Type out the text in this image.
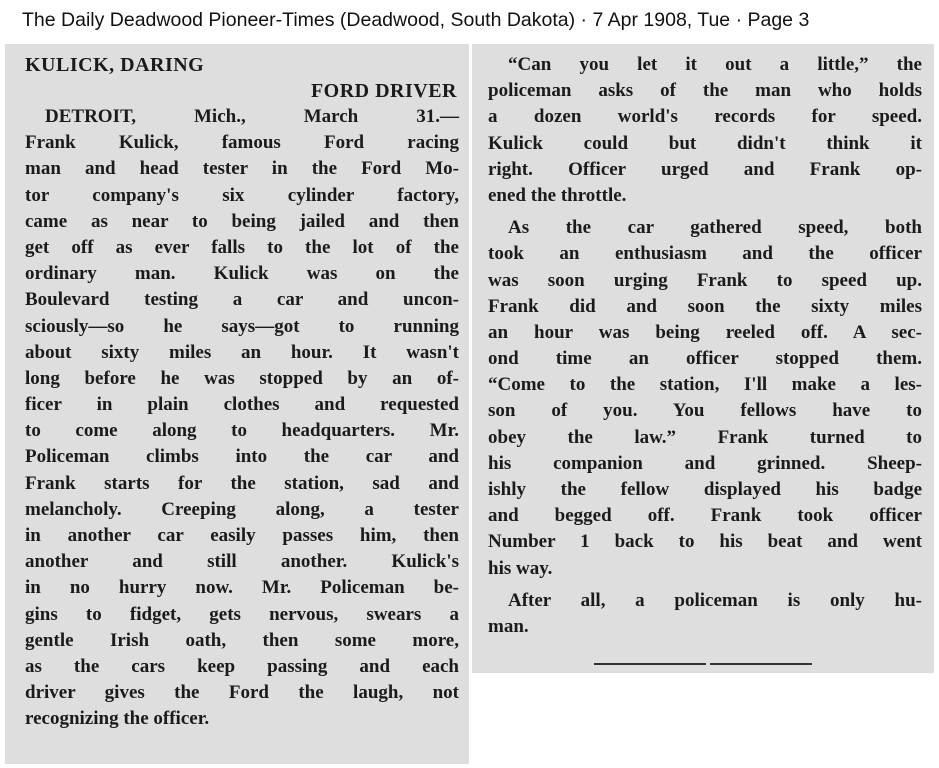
The Daily Deadwood Pioneer-Times (Deadwood, South Dakota) · 7 Apr 1908, Tue · Page 3
KULICK, DARING
FORD DRIVER
DETROIT, Mich., March 31.—
Frank Kulick, famous Ford racing
man and head tester in the Ford Mo-
tor company's six cylinder factory,
came as near to being jailed and then
get off as ever falls to the lot of the
ordinary man. Kulick was on the
Boulevard testing a car and uncon-
sciously—so he says—got to running
about sixty miles an hour. It wasn't
long before he was stopped by an of-
ficer in plain clothes and requested
to come along to headquarters. Mr.
Policeman climbs into the car and
Frank starts for the station, sad and
melancholy. Creeping along, a tester
in another car easily passes him, then
another and still another. Kulick's
in no hurry now. Mr. Policeman be-
gins to fidget, gets nervous, swears a
gentle Irish oath, then some more,
as the cars keep passing and each
driver gives the Ford the laugh, not
recognizing the officer.
“Can you let it out a little,” the
policeman asks of the man who holds
a dozen world's records for speed.
Kulick could but didn't think it
right. Officer urged and Frank op-
ened the throttle.
As the car gathered speed, both
took an enthusiasm and the officer
was soon urging Frank to speed up.
Frank did and soon the sixty miles
an hour was being reeled off. A sec-
ond time an officer stopped them.
“Come to the station, I'll make a les-
son of you. You fellows have to
obey the law.” Frank turned to
his companion and grinned. Sheep-
ishly the fellow displayed his badge
and begged off. Frank took officer
Number 1 back to his beat and went
his way.
After all, a policeman is only hu-
man.
